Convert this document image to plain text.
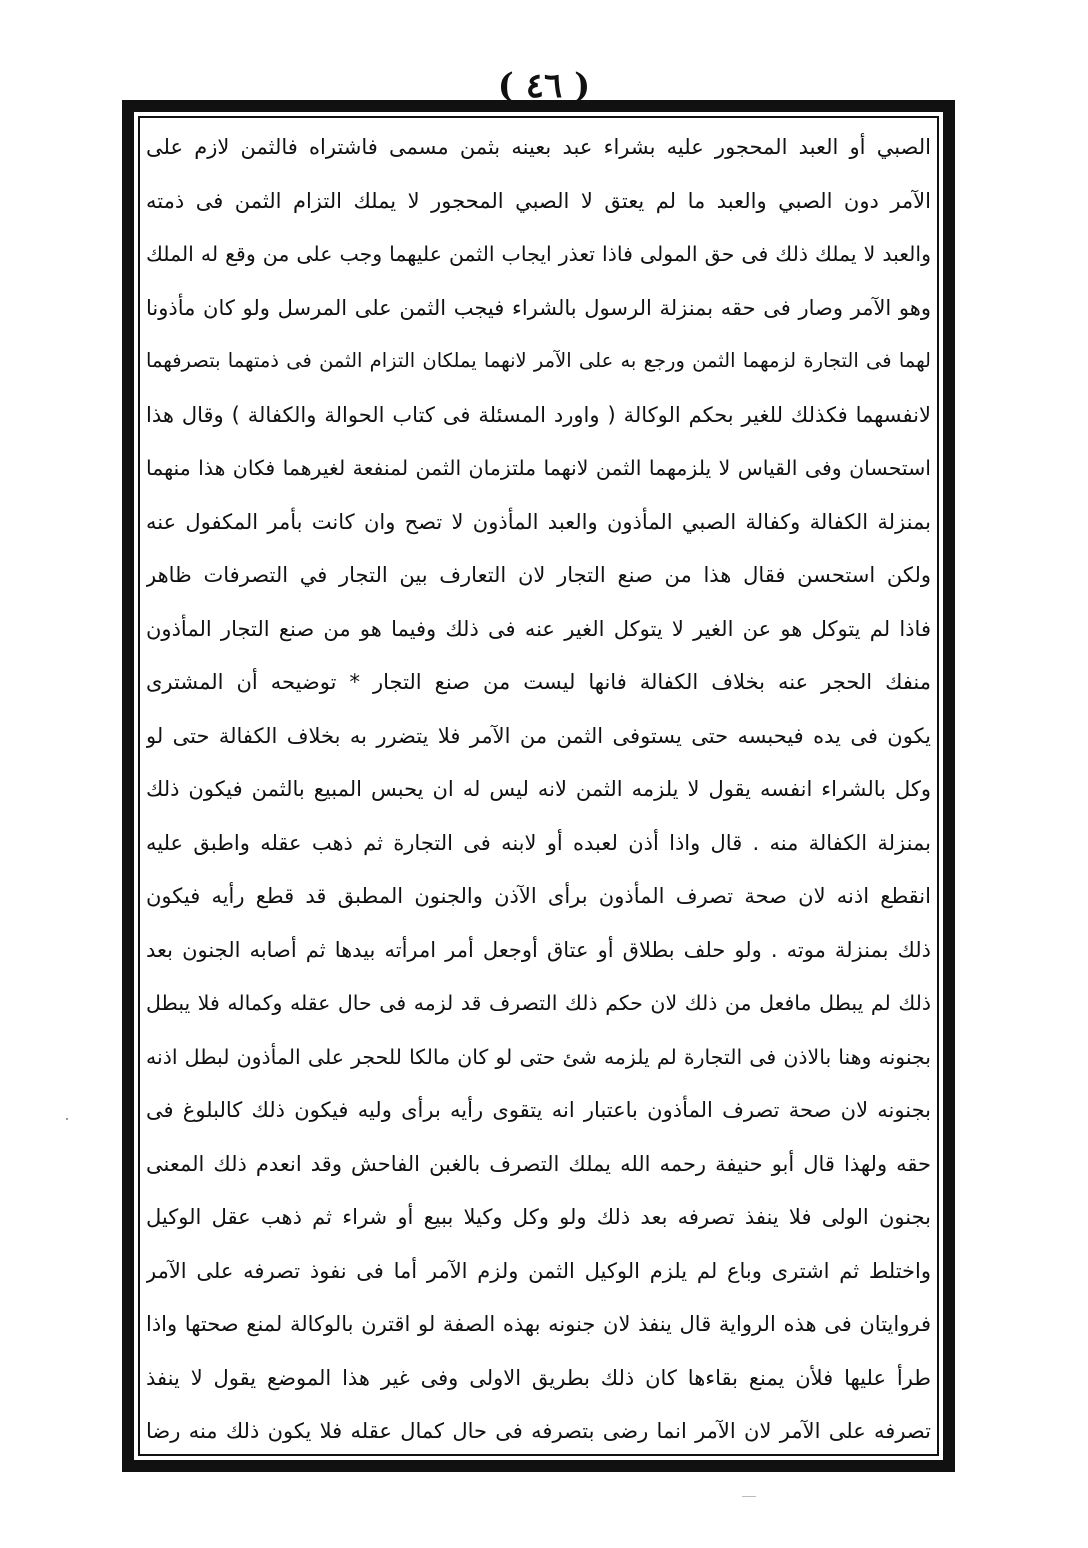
( ٤٦ )
الصبي أو العبد المحجور عليه بشراء عبد بعينه بثمن مسمى فاشتراه فالثمن لازم على
الآمر دون الصبي والعبد ما لم يعتق لا الصبي المحجور لا يملك التزام الثمن فى ذمته
والعبد لا يملك ذلك فى حق المولى فاذا تعذر ايجاب الثمن عليهما وجب على من وقع له الملك
وهو الآمر وصار فى حقه بمنزلة الرسول بالشراء فيجب الثمن على المرسل ولو كان مأذونا
لهما فى التجارة لزمهما الثمن ورجع به على الآمر لانهما يملكان التزام الثمن فى ذمتهما بتصرفهما
لانفسهما فكذلك للغير بحكم الوكالة ( واورد المسئلة فى كتاب الحوالة والكفالة ) وقال هذا
استحسان وفى القياس لا يلزمهما الثمن لانهما ملتزمان الثمن لمنفعة لغيرهما فكان هذا منهما
بمنزلة الكفالة وكفالة الصبي المأذون والعبد المأذون لا تصح وان كانت بأمر المكفول عنه
ولكن استحسن فقال هذا من صنع التجار لان التعارف بين التجار في التصرفات ظاهر
فاذا لم يتوكل هو عن الغير لا يتوكل الغير عنه فى ذلك وفيما هو من صنع التجار المأذون
منفك الحجر عنه بخلاف الكفالة فانها ليست من صنع التجار * توضيحه أن المشترى
يكون فى يده فيحبسه حتى يستوفى الثمن من الآمر فلا يتضرر به بخلاف الكفالة حتى لو
وكل بالشراء انفسه يقول لا يلزمه الثمن لانه ليس له ان يحبس المبيع بالثمن فيكون ذلك
بمنزلة الكفالة منه . قال واذا أذن لعبده أو لابنه فى التجارة ثم ذهب عقله واطبق عليه
انقطع اذنه لان صحة تصرف المأذون برأى الآذن والجنون المطبق قد قطع رأيه فيكون
ذلك بمنزلة موته . ولو حلف بطلاق أو عتاق أوجعل أمر امرأته بيدها ثم أصابه الجنون بعد
ذلك لم يبطل مافعل من ذلك لان حكم ذلك التصرف قد لزمه فى حال عقله وكماله فلا يبطل
بجنونه وهنا بالاذن فى التجارة لم يلزمه شئ حتى لو كان مالكا للحجر على المأذون لبطل اذنه
بجنونه لان صحة تصرف المأذون باعتبار انه يتقوى رأيه برأى وليه فيكون ذلك كالبلوغ فى
حقه ولهذا قال أبو حنيفة رحمه الله يملك التصرف بالغبن الفاحش وقد انعدم ذلك المعنى
بجنون الولى فلا ينفذ تصرفه بعد ذلك ولو وكل وكيلا ببيع أو شراء ثم ذهب عقل الوكيل
واختلط ثم اشترى وباع لم يلزم الوكيل الثمن ولزم الآمر أما فى نفوذ تصرفه على الآمر
فروايتان فى هذه الرواية قال ينفذ لان جنونه بهذه الصفة لو اقترن بالوكالة لمنع صحتها واذا
طرأ عليها فلأن يمنع بقاءها كان ذلك بطريق الاولى وفى غير هذا الموضع يقول لا ينفذ
تصرفه على الآمر لان الآمر انما رضى بتصرفه فى حال كمال عقله فلا يكون ذلك منه رضا
